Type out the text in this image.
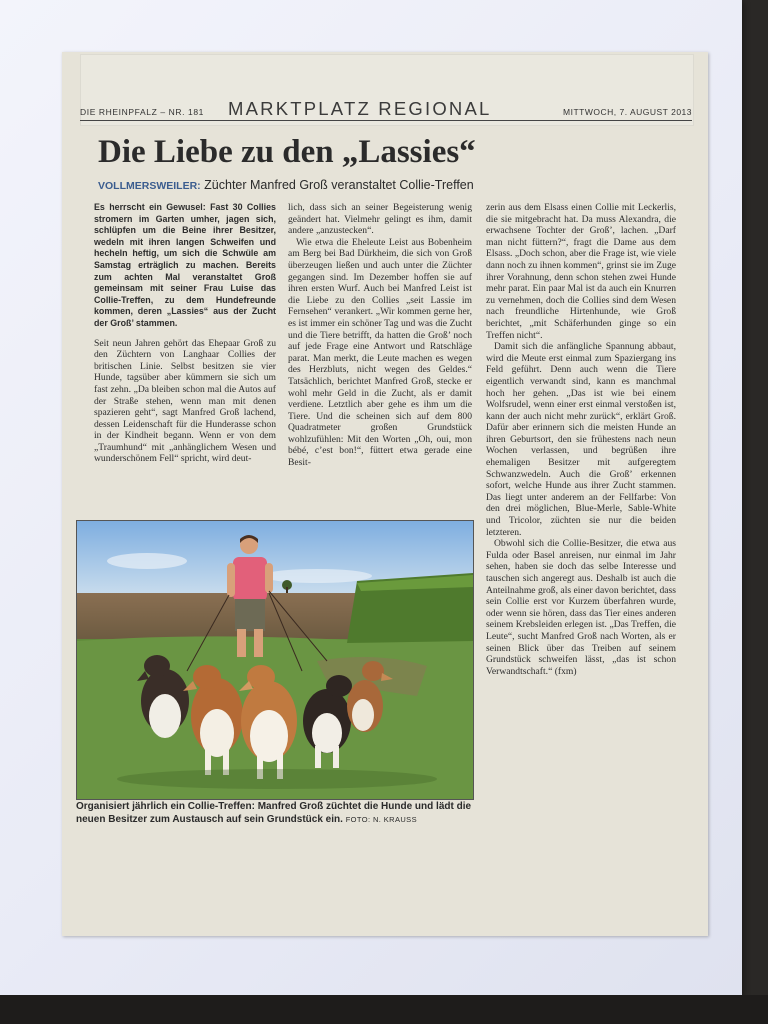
DIE RHEINPFALZ – NR. 181 MARKTPLATZ REGIONAL	MITTWOCH, 7. AUGUST 2013
Die Liebe zu den „Lassies“
VOLLMERSWEILER: Züchter Manfred Groß veranstaltet Collie-Treffen

Es herrscht ein Gewusel: Fast 30 Collies stromern im Garten umher, jagen sich, schlüpfen um die Beine ihrer Besitzer, wedeln mit ihren langen Schweifen und hecheln heftig, um sich die Schwüle am Samstag erträglich zu machen. Bereits zum achten Mal veranstaltet Groß gemeinsam mit seiner Frau Luise das Collie-Treffen, zu dem Hundefreunde kommen, deren „Lassies“ aus der Zucht der Groß’ stammen.

Seit neun Jahren gehört das Ehepaar Groß zu den Züchtern von Langhaar Collies der britischen Linie. Selbst besitzen sie vier Hunde, tagsüber aber kümmern sie sich um fast zehn. „Da bleiben schon mal die Autos auf der Straße stehen, wenn man mit denen spazieren geht“, sagt Manfred Groß lachend, dessen Leidenschaft für die Hunderasse schon in der Kindheit begann. Wenn er von dem „Traumhund“ mit „anhänglichem Wesen und wunderschönem Fell“ spricht, wird deut-

lich, dass sich an seiner Begeisterung wenig geändert hat. Vielmehr gelingt es ihm, damit andere „anzustecken“.

Wie etwa die Eheleute Leist aus Bobenheim am Berg bei Bad Dürkheim, die sich von Groß überzeugen ließen und auch unter die Züchter gegangen sind. Im Dezember hoffen sie auf ihren ersten Wurf. Auch bei Manfred Leist ist die Liebe zu den Collies „seit Lassie im Fernsehen“ verankert. „Wir kommen gerne her, es ist immer ein schöner Tag und was die Zucht und die Tiere betrifft, da hatten die Groß’ noch auf jede Frage eine Antwort und Ratschläge parat. Man merkt, die Leute machen es wegen des Herzbluts, nicht wegen des Geldes.“ Tatsächlich, berichtet Manfred Groß, stecke er wohl mehr Geld in die Zucht, als er damit verdiene. Letztlich aber gehe es ihm um die Tiere. Und die scheinen sich auf dem 800 Quadratmeter großen Grundstück wohlzufühlen: Mit den Worten „Oh, oui, mon bébé, c’est bon!“, füttert etwa gerade eine Besit-

zerin aus dem Elsass einen Collie mit Leckerlis, die sie mitgebracht hat. Da muss Alexandra, die erwachsene Tochter der Groß’, lachen. „Darf man nicht füttern?“, fragt die Dame aus dem Elsass. „Doch schon, aber die Frage ist, wie viele dann noch zu ihnen kommen“, grinst sie im Zuge ihrer Vorahnung, denn schon stehen zwei Hunde mehr parat. Ein paar Mal ist da auch ein Knurren zu vernehmen, doch die Collies sind dem Wesen nach freundliche Hirtenhunde, wie Groß berichtet, „mit Schäferhunden ginge so ein Treffen nicht“.

Damit sich die anfängliche Spannung abbaut, wird die Meute erst einmal zum Spaziergang ins Feld geführt. Denn auch wenn die Tiere eigentlich verwandt sind, kann es manchmal hoch her gehen. „Das ist wie bei einem Wolfsrudel, wenn einer erst einmal verstoßen ist, kann der auch nicht mehr zurück“, erklärt Groß. Dafür aber erinnern sich die meisten Hunde an ihren Geburtsort, den sie frühestens nach neun Wochen verlassen, und begrüßen ihre ehemaligen Besitzer mit aufgeregtem Schwanzwedeln. Auch die Groß’ erkennen sofort, welche Hunde aus ihrer Zucht stammen. Das liegt unter anderem an der Fellfarbe: Von den drei möglichen, Blue-Merle, Sable-White und Tricolor, züchten sie nur die beiden letzteren.

Obwohl sich die Collie-Besitzer, die etwa aus Fulda oder Basel anreisen, nur einmal im Jahr sehen, haben sie doch das selbe Interesse und tauschen sich angeregt aus. Deshalb ist auch die Anteilnahme groß, als einer davon berichtet, dass sein Collie erst vor Kurzem überfahren wurde, oder wenn sie hören, dass das Tier eines anderen seinem Krebsleiden erlegen ist. „Das Treffen, die Leute“, sucht Manfred Groß nach Worten, als er seinen Blick über das Treiben auf seinem Grundstück schweifen lässt, „das ist schon Verwandtschaft.“ (fxm)

Organisiert jährlich ein Collie-Treffen: Manfred Groß züchtet die Hunde und lädt die neuen Besitzer zum Austausch auf sein Grundstück ein. FOTO: N. KRAUSS
